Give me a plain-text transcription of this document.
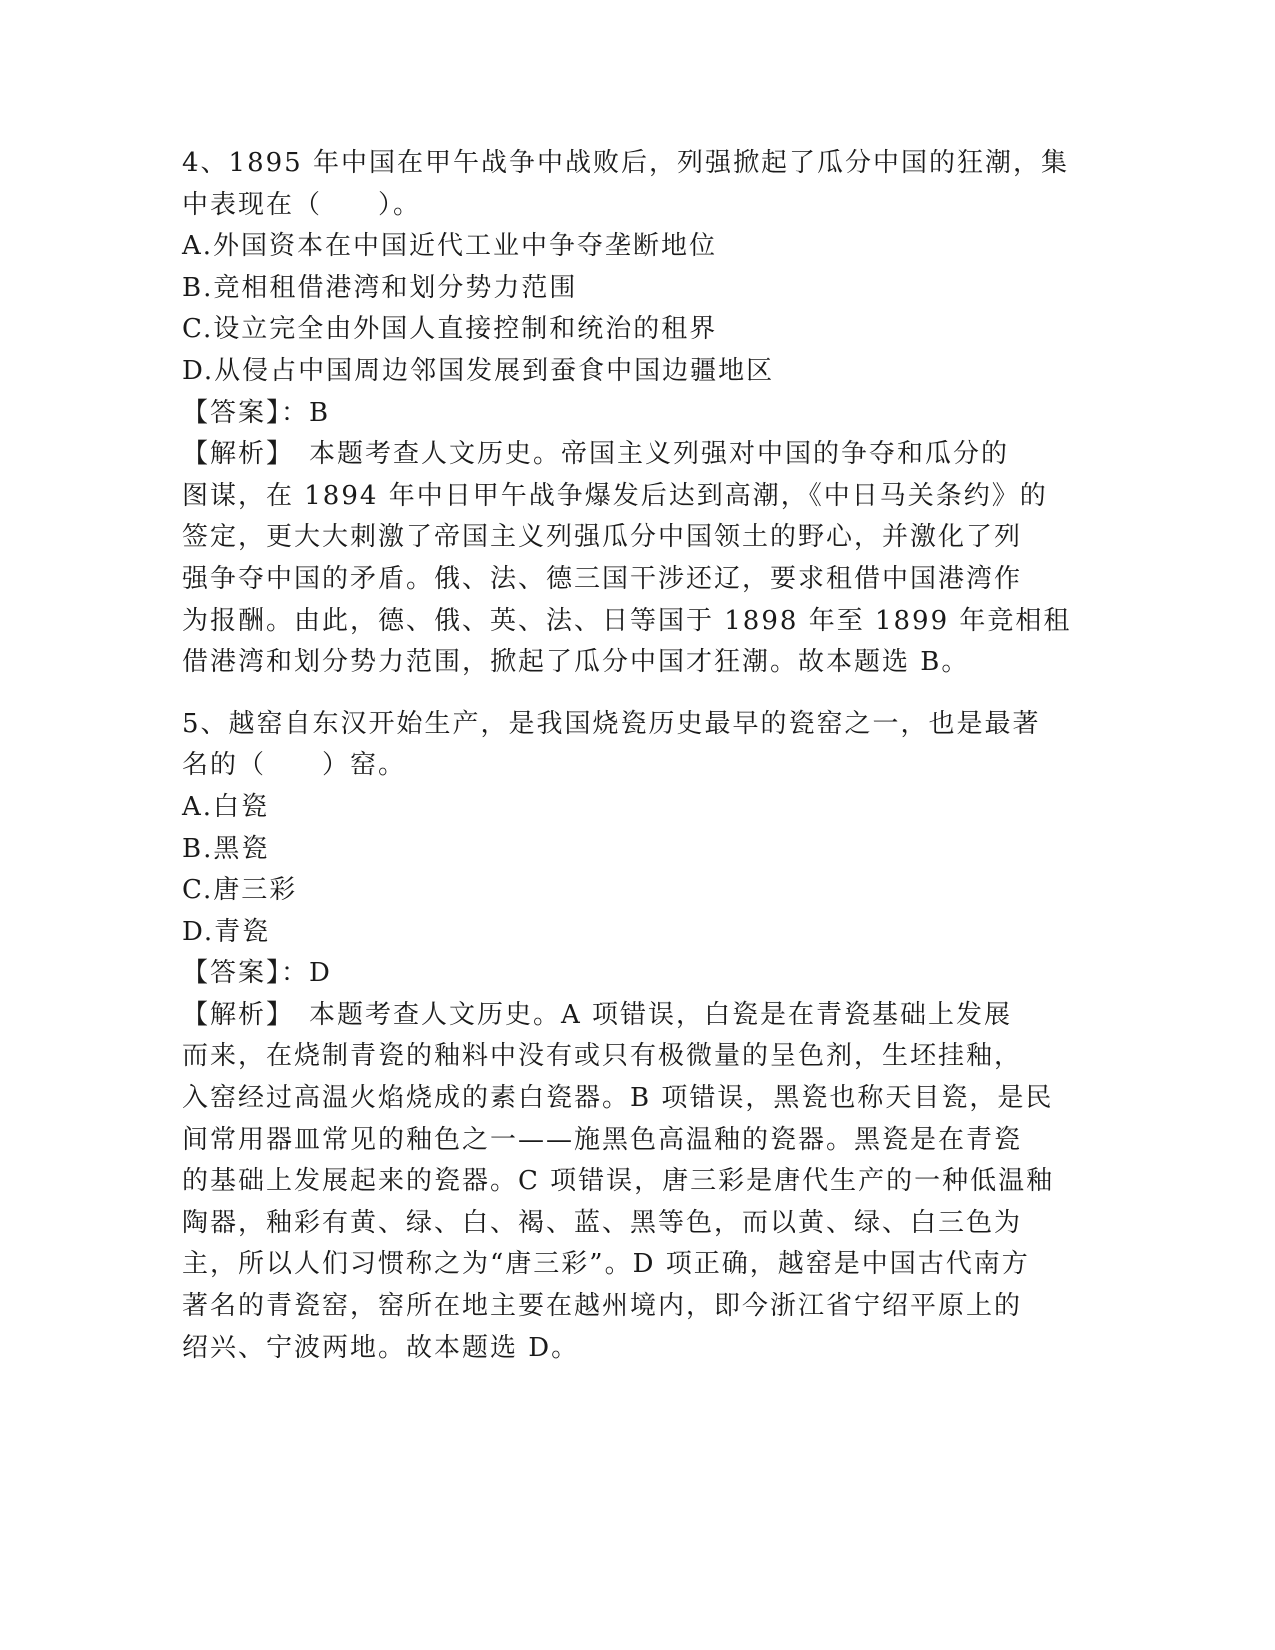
4、1895 年中国在甲午战争中战败后，列强掀起了瓜分中国的狂潮，集
中表现在（　　）。
A.外国资本在中国近代工业中争夺垄断地位
B.竞相租借港湾和划分势力范围
C.设立完全由外国人直接控制和统治的租界
D.从侵占中国周边邻国发展到蚕食中国边疆地区
【答案】：B
【解析】　本题考查人文历史。帝国主义列强对中国的争夺和瓜分的
图谋，在 1894 年中日甲午战争爆发后达到高潮，《中日马关条约》的
签定，更大大刺激了帝国主义列强瓜分中国领土的野心，并激化了列
强争夺中国的矛盾。俄、法、德三国干涉还辽，要求租借中国港湾作
为报酬。由此，德、俄、英、法、日等国于 1898 年至 1899 年竞相租
借港湾和划分势力范围，掀起了瓜分中国才狂潮。故本题选 B。
5、越窑自东汉开始生产，是我国烧瓷历史最早的瓷窑之一，也是最著
名的（　　）窑。
A.白瓷
B.黑瓷
C.唐三彩
D.青瓷
【答案】：D
【解析】　本题考查人文历史。A 项错误，白瓷是在青瓷基础上发展
而来，在烧制青瓷的釉料中没有或只有极微量的呈色剂，生坯挂釉，
入窑经过高温火焰烧成的素白瓷器。B 项错误，黑瓷也称天目瓷，是民
间常用器皿常见的釉色之一——施黑色高温釉的瓷器。黑瓷是在青瓷
的基础上发展起来的瓷器。C 项错误，唐三彩是唐代生产的一种低温釉
陶器，釉彩有黄、绿、白、褐、蓝、黑等色，而以黄、绿、白三色为
主，所以人们习惯称之为“唐三彩”。D 项正确，越窑是中国古代南方
著名的青瓷窑，窑所在地主要在越州境内，即今浙江省宁绍平原上的
绍兴、宁波两地。故本题选 D。
